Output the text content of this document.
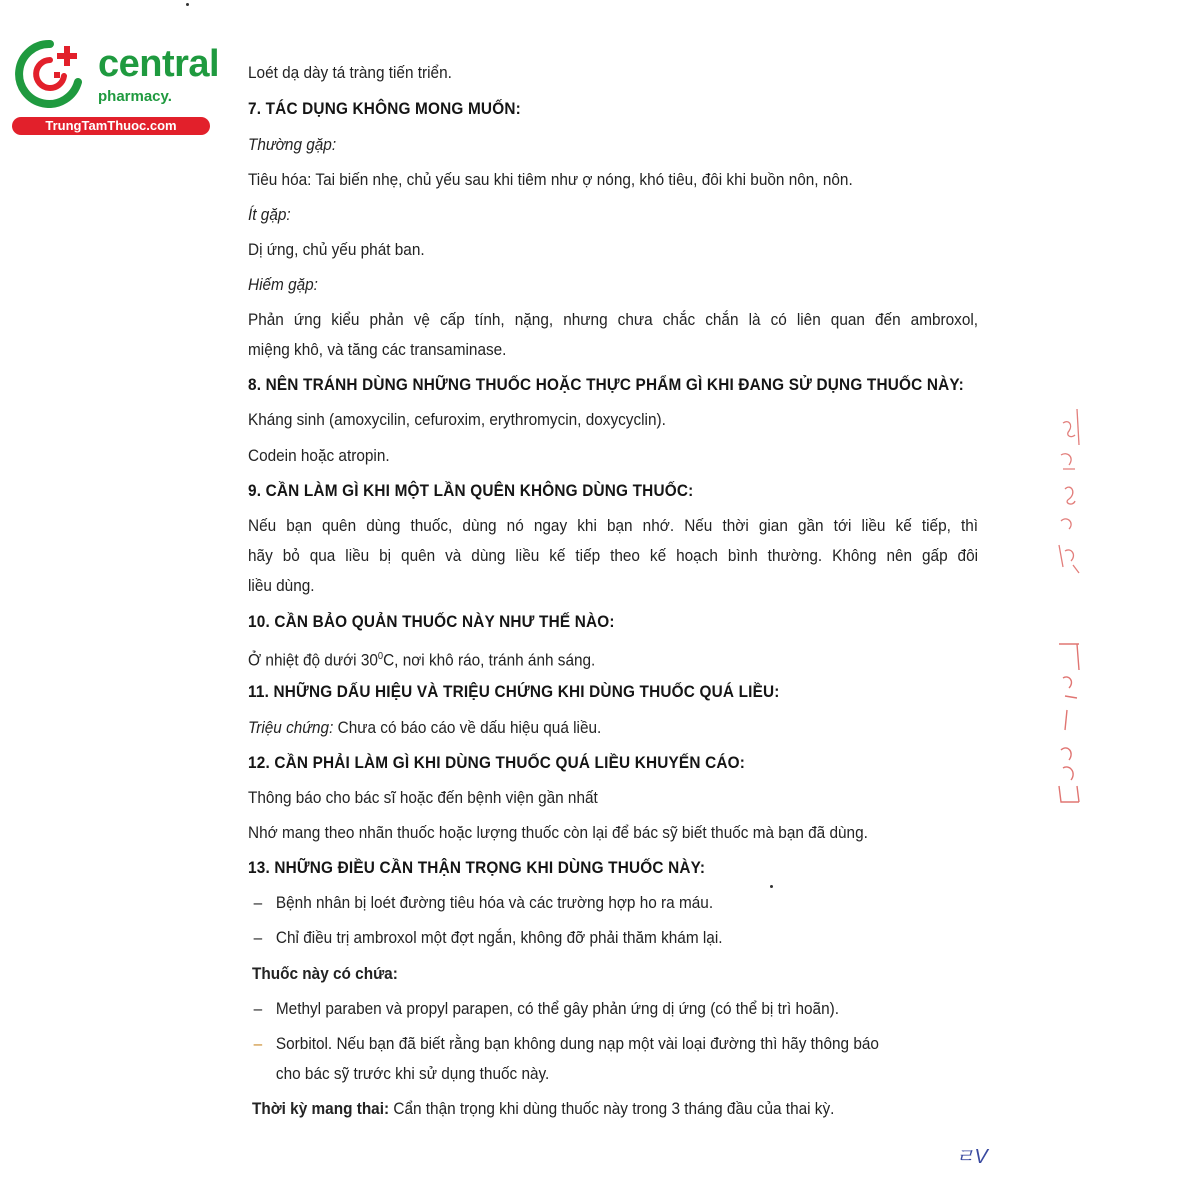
central
pharmacy.
TrungTamThuoc.com
Loét dạ dày tá tràng tiến triển.
7. TÁC DỤNG KHÔNG MONG MUỐN:
Thường gặp:
Tiêu hóa: Tai biến nhẹ, chủ yếu sau khi tiêm như ợ nóng, khó tiêu, đôi khi buồn nôn, nôn.
Ít gặp:
Dị ứng, chủ yếu phát ban.
Hiếm gặp:
Phản ứng kiểu phản vệ cấp tính, nặng, nhưng chưa chắc chắn là có liên quan đến ambroxol,
miệng khô, và tăng các transaminase.
8. NÊN TRÁNH DÙNG NHỮNG THUỐC HOẶC THỰC PHẨM GÌ KHI ĐANG SỬ DỤNG THUỐC NÀY:
Kháng sinh (amoxycilin, cefuroxim, erythromycin, doxycyclin).
Codein hoặc atropin.
9. CẦN LÀM GÌ KHI MỘT LẦN QUÊN KHÔNG DÙNG THUỐC:
Nếu bạn quên dùng thuốc, dùng nó ngay khi bạn nhớ. Nếu thời gian gần tới liều kế tiếp, thì
hãy bỏ qua liều bị quên và dùng liều kế tiếp theo kế hoạch bình thường. Không nên gấp đôi
liều dùng.
10. CẦN BẢO QUẢN THUỐC NÀY NHƯ THẾ NÀO:
Ở nhiệt độ dưới $30^0C$, nơi khô ráo, tránh ánh sáng.
11. NHỮNG DẤU HIỆU VÀ TRIỆU CHỨNG KHI DÙNG THUỐC QUÁ LIỀU:
Triệu chứng: Chưa có báo cáo về dấu hiệu quá liều.
12. CẦN PHẢI LÀM GÌ KHI DÙNG THUỐC QUÁ LIỀU KHUYẾN CÁO:
Thông báo cho bác sĩ hoặc đến bệnh viện gần nhất
Nhớ mang theo nhãn thuốc hoặc lượng thuốc còn lại để bác sỹ biết thuốc mà bạn đã dùng.
13. NHỮNG ĐIỀU CẦN THẬN TRỌNG KHI DÙNG THUỐC NÀY:
– Bệnh nhân bị loét đường tiêu hóa và các trường hợp ho ra máu.
– Chỉ điều trị ambroxol một đợt ngắn, không đỡ phải thăm khám lại.
Thuốc này có chứa:
– Methyl paraben và propyl parapen, có thể gây phản ứng dị ứng (có thể bị trì hoãn).
– Sorbitol. Nếu bạn đã biết rằng bạn không dung nạp một vài loại đường thì hãy thông báo
cho bác sỹ trước khi sử dụng thuốc này.
Thời kỳ mang thai: Cẩn thận trọng khi dùng thuốc này trong 3 tháng đầu của thai kỳ.
ㄹV
